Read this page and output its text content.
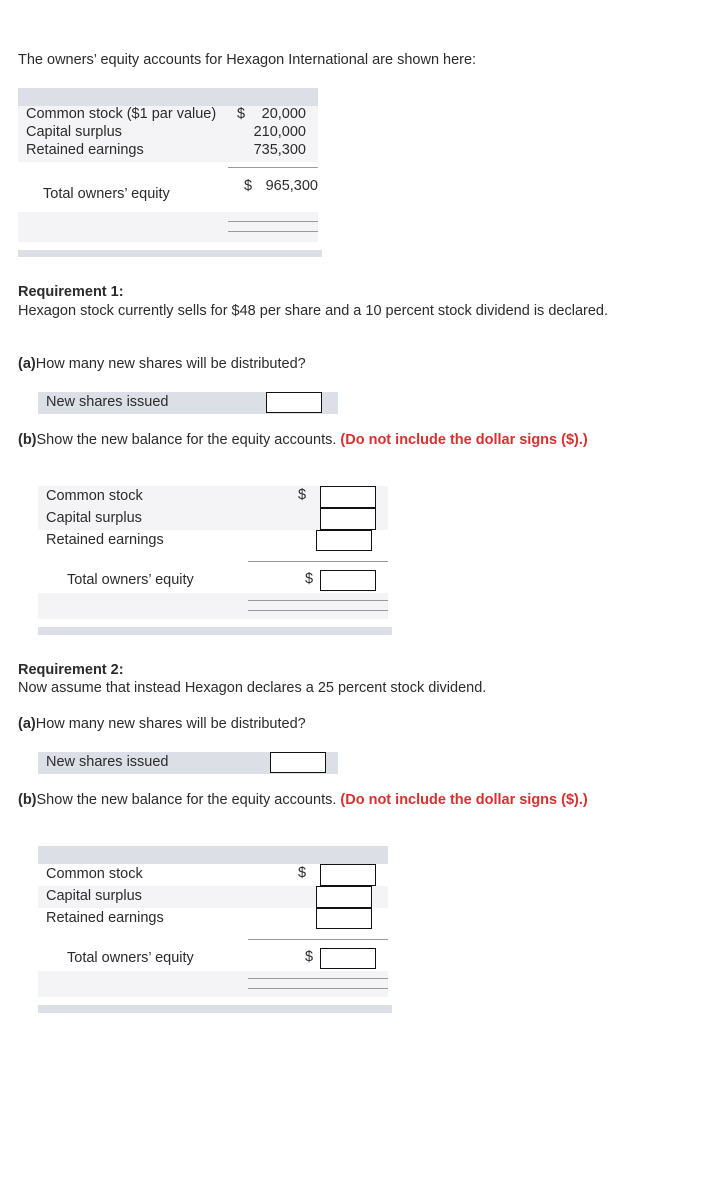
The owners’ equity accounts for Hexagon International are shown here:
Common stock ($1 par value) $	20,000
Capital surplus	210,000
Retained earnings	735,300
Total owners’ equity	$ 965,300
Requirement 1:
Hexagon stock currently sells for $48 per share and a 10 percent stock dividend is declared.
(a)How many new shares will be distributed?
New shares issued
(b)Show the new balance for the equity accounts. (Do not include the dollar signs ($).)
Common stock	$
Capital surplus
Retained earnings
Total owners’ equity	$
Requirement 2:
Now assume that instead Hexagon declares a 25 percent stock dividend.
(a)How many new shares will be distributed?
New shares issued
(b)Show the new balance for the equity accounts. (Do not include the dollar signs ($).)
Common stock	$
Capital surplus
Retained earnings
Total owners’ equity	$
